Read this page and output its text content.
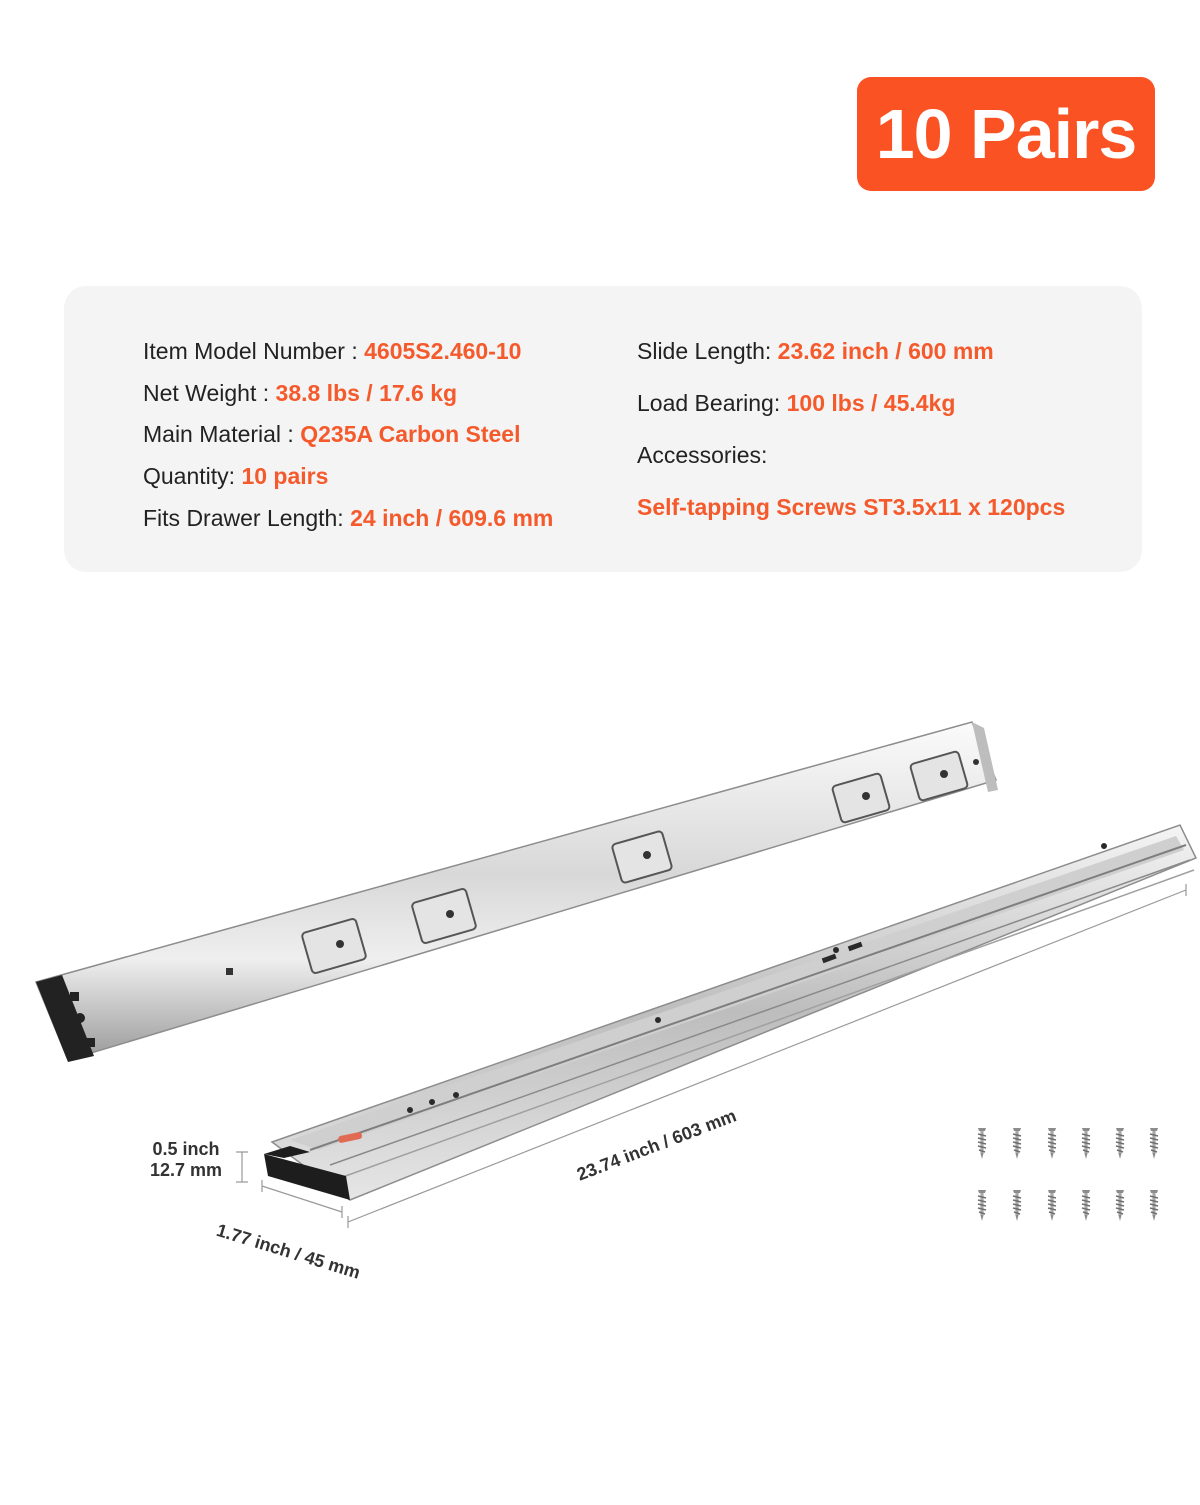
10 Pairs
Item Model Number : 4605S2.460-10
Net Weight : 38.8 lbs / 17.6 kg
Main Material : Q235A Carbon Steel
Quantity: 10 pairs
Fits Drawer Length: 24 inch / 609.6 mm
Slide Length: 23.62 inch / 600 mm
Load Bearing: 100 lbs / 45.4kg
Accessories:
Self-tapping Screws ST3.5x11 x 120pcs
0.5 inch
12.7 mm
1.77 inch / 45 mm
23.74 inch / 603 mm
